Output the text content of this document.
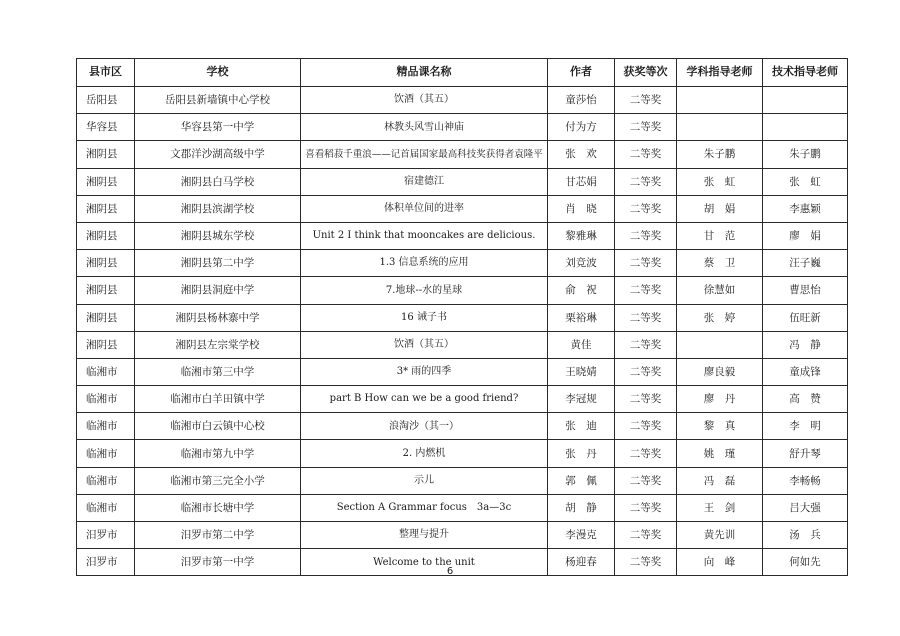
县市区	学校	精品课名称	作者	获奖等次	学科指导老师	技术指导老师
岳阳县	岳阳县新墙镇中心学校	饮酒（其五）	童莎怡	二等奖		
华容县	华容县第一中学	林教头风雪山神庙	付为方	二等奖		
湘阴县	文郡洋沙湖高级中学	喜看稻菽千重浪——记首届国家最高科技奖获得者袁隆平	张　欢	二等奖	朱子鹏	朱子鹏
湘阴县	湘阴县白马学校	宿建德江	甘芯娟	二等奖	张　虹	张　虹
湘阴县	湘阴县滨湖学校	体积单位间的进率	肖　晓	二等奖	胡　娟	李惠颖
湘阴县	湘阴县城东学校	Unit 2 I think that mooncakes are delicious.	黎雅琳	二等奖	甘　范	廖　娟
湘阴县	湘阴县第二中学	1.3 信息系统的应用	刘竞波	二等奖	蔡　卫	汪子巍
湘阴县	湘阴县洞庭中学	7.地球--水的星球	俞　祝	二等奖	徐慧如	曹思怡
湘阴县	湘阴县杨林寨中学	16 诫子书	栗裕琳	二等奖	张　婷	伍旺新
湘阴县	湘阴县左宗棠学校	饮酒（其五）	黄佳	二等奖		冯　静
临湘市	临湘市第三中学	3* 雨的四季	王晓婧	二等奖	廖良毅	童成锋
临湘市	临湘市白羊田镇中学	part B How can we be a good friend?	李冠规	二等奖	廖　丹	高　赞
临湘市	临湘市白云镇中心校	浪淘沙（其一）	张　迪	二等奖	黎　真	李　明
临湘市	临湘市第九中学	2. 内燃机	张　丹	二等奖	姚　瑾	舒升琴
临湘市	临湘市第三完全小学	示儿	郭　佩	二等奖	冯　磊	李畅畅
临湘市	临湘市长塘中学	Section A Grammar focus　3a—3c	胡　静	二等奖	王　剑	吕大强
汨罗市	汨罗市第二中学	整理与提升	李漫克	二等奖	黄先训	汤　兵
汨罗市	汨罗市第一中学	Welcome to the unit	杨迎春	二等奖	向　峰	何如先
6
